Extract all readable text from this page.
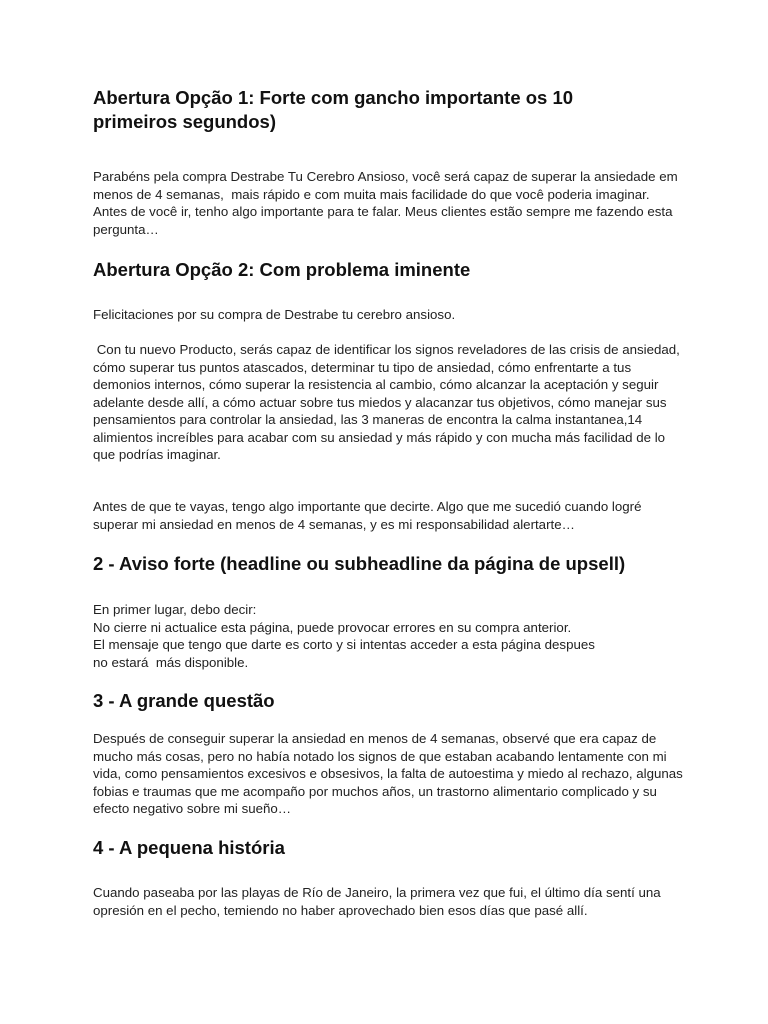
Abertura Opção 1: Forte com gancho importante os 10 primeiros segundos)

Parabéns pela compra Destrabe Tu Cerebro Ansioso, você será capaz de superar la ansiedade em menos de 4 semanas,  mais rápido e com muita mais facilidade do que você poderia imaginar. Antes de você ir, tenho algo importante para te falar. Meus clientes estão sempre me fazendo esta pergunta…

Abertura Opção 2: Com problema iminente

Felicitaciones por su compra de Destrabe tu cerebro ansioso.

Con tu nuevo Producto, serás capaz de identificar los signos reveladores de las crisis de ansiedad, cómo superar tus puntos atascados, determinar tu tipo de ansiedad, cómo enfrentarte a tus demonios internos, cómo superar la resistencia al cambio, cómo alcanzar la aceptación y seguir adelante desde allí, a cómo actuar sobre tus miedos y alacanzar tus objetivos, cómo manejar sus pensamientos para controlar la ansiedad, las 3 maneras de encontra la calma instantanea,14 alimientos increíbles para acabar com su ansiedad y más rápido y con mucha más facilidad de lo que podrías imaginar.

Antes de que te vayas, tengo algo importante que decirte. Algo que me sucedió cuando logré superar mi ansiedad en menos de 4 semanas, y es mi responsabilidad alertarte…

2 - Aviso forte (headline ou subheadline da página de upsell)

En primer lugar, debo decir:
No cierre ni actualice esta página, puede provocar errores en su compra anterior.
El mensaje que tengo que darte es corto y si intentas acceder a esta página despues
no estará  más disponible.

3 - A grande questão

Después de conseguir superar la ansiedad en menos de 4 semanas, observé que era capaz de mucho más cosas, pero no había notado los signos de que estaban acabando lentamente con mi vida, como pensamientos excesivos e obsesivos, la falta de autoestima y miedo al rechazo, algunas fobias e traumas que me acompaño por muchos años, un trastorno alimentario complicado y su efecto negativo sobre mi sueño…

4 - A pequena história

Cuando paseaba por las playas de Río de Janeiro, la primera vez que fui, el último día sentí una opresión en el pecho, temiendo no haber aprovechado bien esos días que pasé allí.
